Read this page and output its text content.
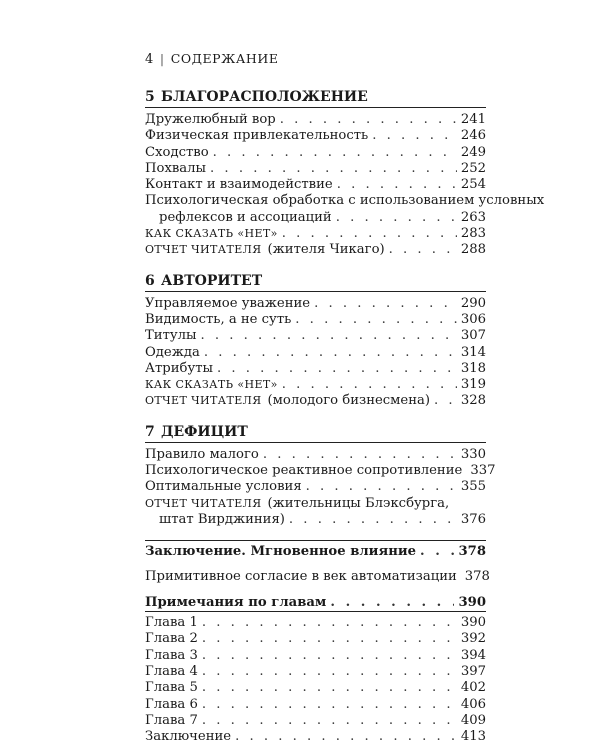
4 | СОДЕРЖАНИЕ
5 БЛАГОРАСПОЛОЖЕНИЕ
Дружелюбный вор . . .	241
Физическая привлекательность . . .	246
Сходство . . .	249
Похвалы . . .	252
Контакт и взаимодействие . . .	254
Психологическая обработка с использованием условных
рефлексов и ассоциаций . . .	263
КАК СКАЗАТЬ «НЕТ» . . .	283
ОТЧЕТ ЧИТАТЕЛЯ (жителя Чикаго) . . .	288
6 АВТОРИТЕТ
Управляемое уважение . . .	290
Видимость, а не суть . . .	306
Титулы . . .	307
Одежда . . .	314
Атрибуты . . .	318
КАК СКАЗАТЬ «НЕТ» . . .	319
ОТЧЕТ ЧИТАТЕЛЯ (молодого бизнесмена) . . . 328
7 ДЕФИЦИТ
Правило малого . . .	330
Психологическое реактивное сопротивление 337
Оптимальные условия . . .	355
ОТЧЕТ ЧИТАТЕЛЯ (жительницы Блэксбурга,
штат Вирджиния) . . .	376
Заключение. Мгновенное влияние . . .	378
Примитивное согласие в век автоматизации 378
Примечания по главам . . .	390
Глава 1 . . .	390
Глава 2 . . .	392
Глава 3 . . .	394
Глава 4 . . .	397
Глава 5 . . .	402
Глава 6 . . .	406
Глава 7 . . .	409
Заключение . . .	413
